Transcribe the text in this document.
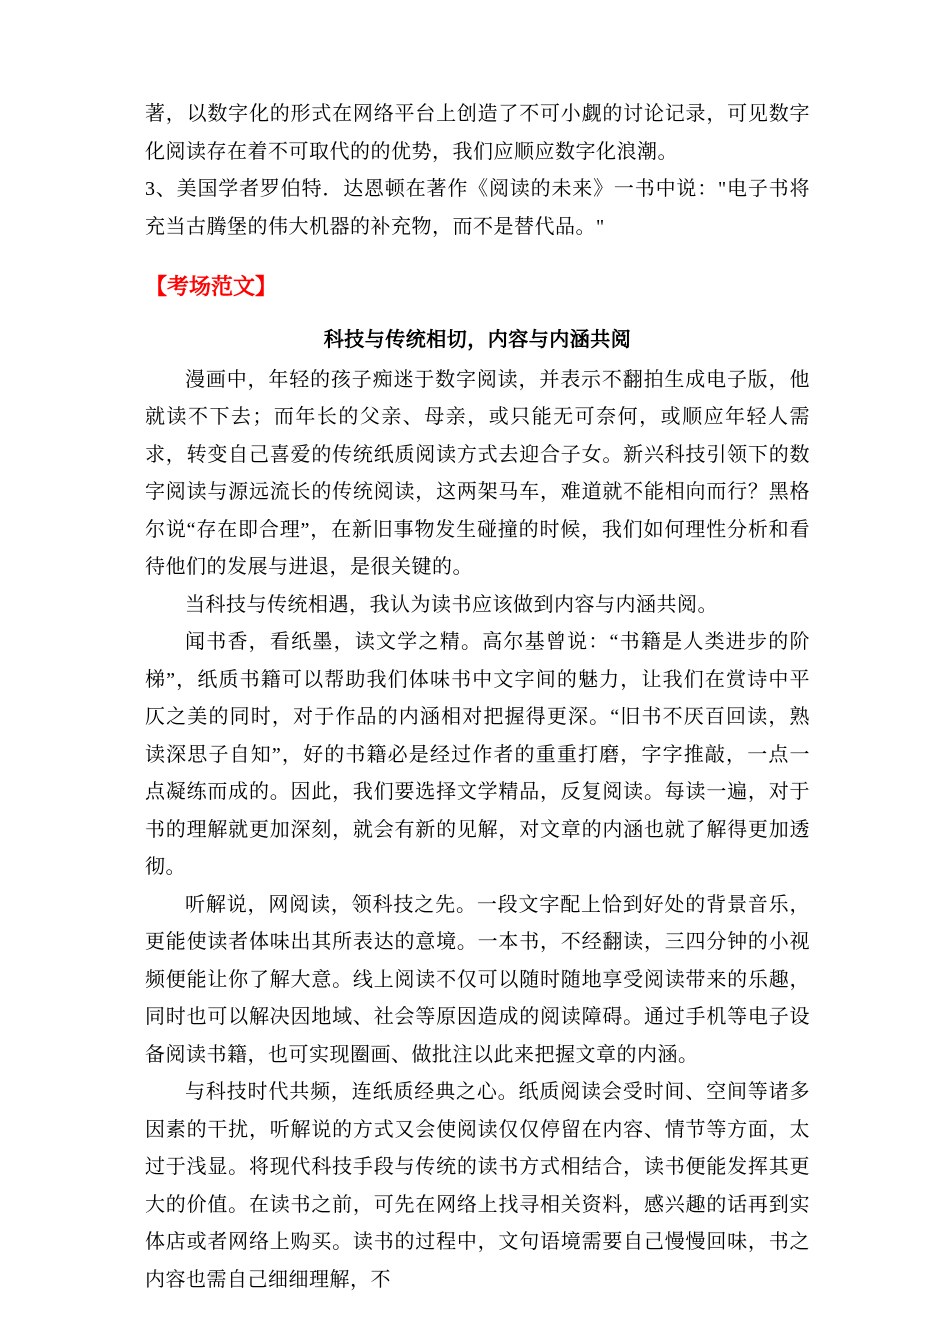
著，以数字化的形式在网络平台上创造了不可小觑的讨论记录，可见数字化阅读存在着不可取代的的优势，我们应顺应数字化浪潮。

3、美国学者罗伯特．达恩顿在著作《阅读的未来》一书中说："电子书将充当古腾堡的伟大机器的补充物，而不是替代品。"

【考场范文】
科技与传统相切，内容与内涵共阅

漫画中，年轻的孩子痴迷于数字阅读，并表示不翻拍生成电子版，他就读不下去；而年长的父亲、母亲，或只能无可奈何，或顺应年轻人需求，转变自己喜爱的传统纸质阅读方式去迎合子女。新兴科技引领下的数字阅读与源远流长的传统阅读，这两架马车，难道就不能相向而行？黑格尔说“存在即合理”，在新旧事物发生碰撞的时候，我们如何理性分析和看待他们的发展与进退，是很关键的。

当科技与传统相遇，我认为读书应该做到内容与内涵共阅。

闻书香，看纸墨，读文学之精。高尔基曾说：“书籍是人类进步的阶梯”，纸质书籍可以帮助我们体味书中文字间的魅力，让我们在赏诗中平仄之美的同时，对于作品的内涵相对把握得更深。“旧书不厌百回读，熟读深思子自知”，好的书籍必是经过作者的重重打磨，字字推敲，一点一点凝练而成的。因此，我们要选择文学精品，反复阅读。每读一遍，对于书的理解就更加深刻，就会有新的见解，对文章的内涵也就了解得更加透彻。

听解说，网阅读，领科技之先。一段文字配上恰到好处的背景音乐，更能使读者体味出其所表达的意境。一本书，不经翻读，三四分钟的小视频便能让你了解大意。线上阅读不仅可以随时随地享受阅读带来的乐趣，同时也可以解决因地域、社会等原因造成的阅读障碍。通过手机等电子设备阅读书籍，也可实现圈画、做批注以此来把握文章的内涵。

与科技时代共频，连纸质经典之心。纸质阅读会受时间、空间等诸多因素的干扰，听解说的方式又会使阅读仅仅停留在内容、情节等方面，太过于浅显。将现代科技手段与传统的读书方式相结合，读书便能发挥其更大的价值。在读书之前，可先在网络上找寻相关资料，感兴趣的话再到实体店或者网络上购买。读书的过程中，文句语境需要自己慢慢回味，书之内容也需自己细细理解，不
